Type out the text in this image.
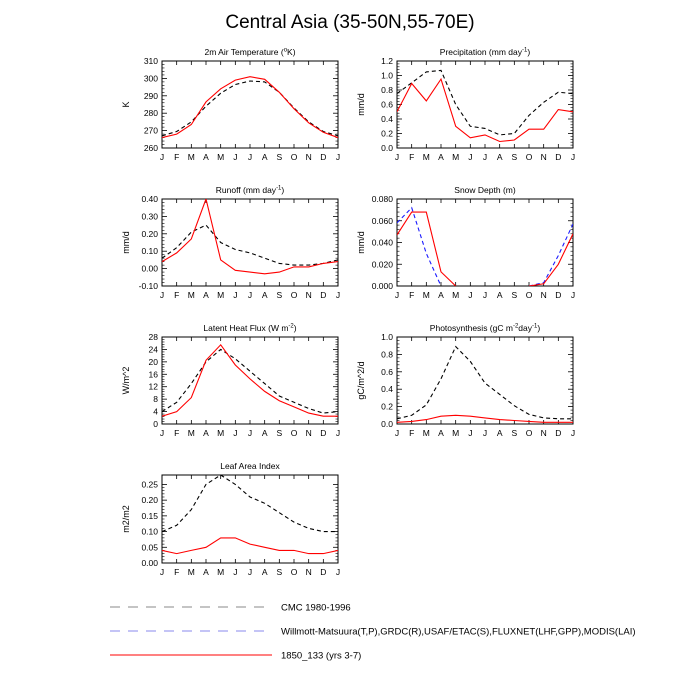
Central Asia (35-50N,55-70E)
J F M A M J J A S O N D J
260
270
280
290
300
310
2m Air Temperature ($^o$K)
K
J F M A M J J A S O N D J
0.0
0.2
0.4
0.6
0.8
1.0
1.2
Precipitation (mm day$^{-1}$)
mm/d
J F M A M J J A S O N D J
-0.10
0.00
0.10
0.20
0.30
0.40
Runoff (mm day$^{-1}$)
mm/d
J F M A M J J A S O N D J
0.000
0.020
0.040
0.060
0.080
Snow Depth (m)
mm/d
J F M A M J J A S O N D J
0
4
8
12
16
20
24
28
Latent Heat Flux (W $m^{-2}$)
W/m^2
J F M A M J J A S O N D J
0.0
0.2
0.4
0.6
0.8
1.0
Photosynthesis (gC $m^{-2}day^{-1}$)
gC/m^2/d
J F M A M J J A S O N D J
0.00
0.05
0.10
0.15
0.20
0.25
Leaf Area Index
m2/m2
CMC 1980-1996
Willmott-Matsuura(T,P),GRDC(R),USAF/ETAC(S),FLUXNET(LHF,GPP),MODIS(LAI)
1850_133 (yrs 3-7)
